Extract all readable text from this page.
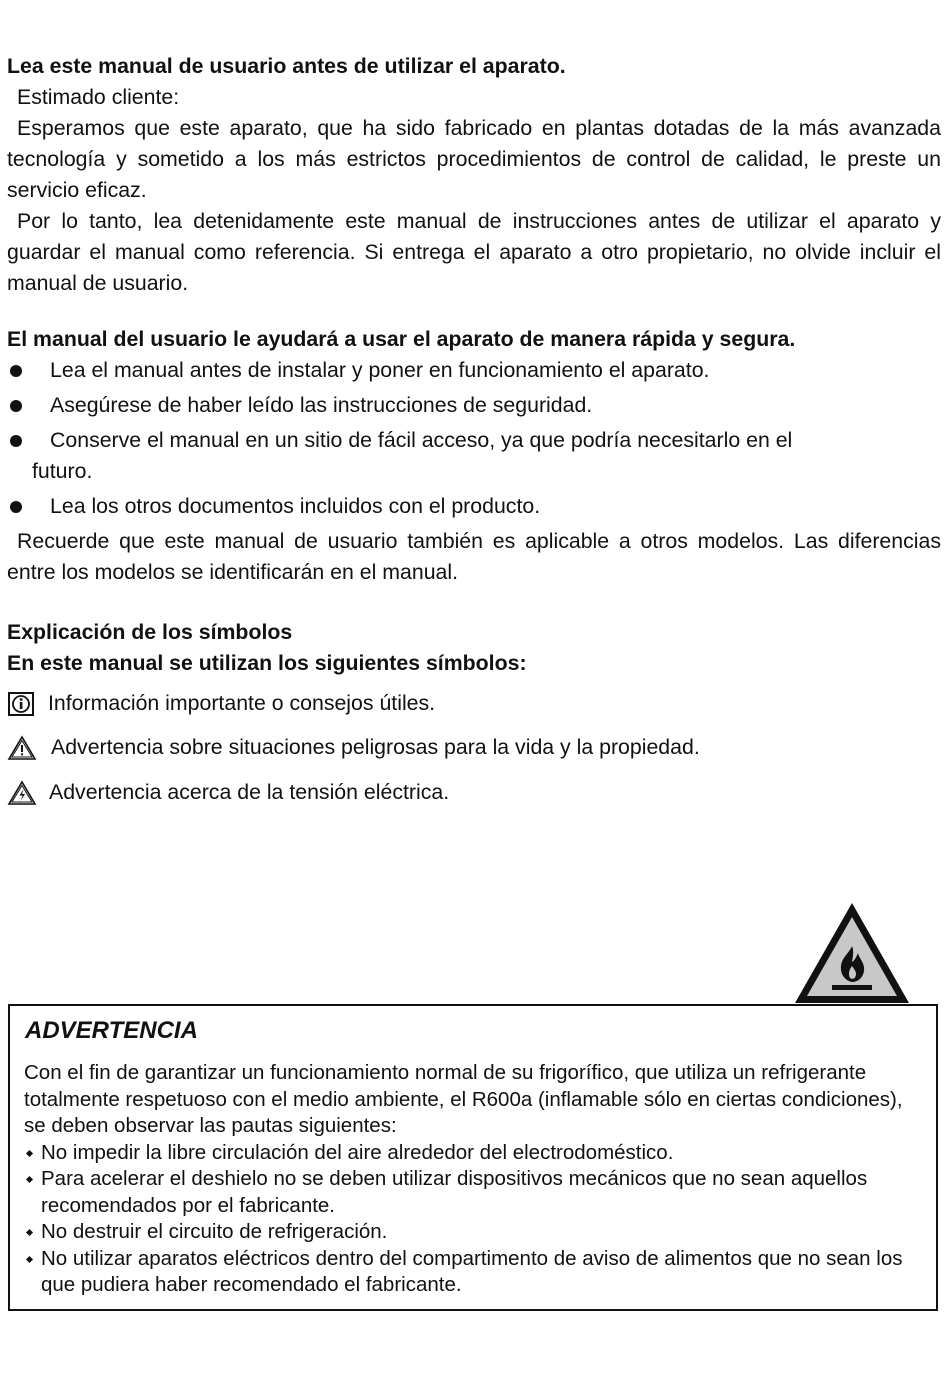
Lea este manual de usuario antes de utilizar el aparato.

Estimado cliente:

Esperamos que este aparato, que ha sido fabricado en plantas dotadas de la más avanzada tecnología y sometido a los más estrictos procedimientos de control de calidad, le preste un servicio eficaz.

Por lo tanto, lea detenidamente este manual de instrucciones antes de utilizar el aparato y guardar el manual como referencia. Si entrega el aparato a otro propietario, no olvide incluir el manual de usuario.

El manual del usuario le ayudará a usar el aparato de manera rápida y segura.

Lea el manual antes de instalar y poner en funcionamiento el aparato.
Asegúrese de haber leído las instrucciones de seguridad.
Conserve el manual en un sitio de fácil acceso, ya que podría necesitarlo en el
futuro.
Lea los otros documentos incluidos con el producto.

Recuerde que este manual de usuario también es aplicable a otros modelos. Las diferencias entre los modelos se identificarán en el manual.

Explicación de los símbolos

En este manual se utilizan los siguientes símbolos:

Información importante o consejos útiles.
Advertencia sobre situaciones peligrosas para la vida y la propiedad.
Advertencia acerca de la tensión eléctrica.
ADVERTENCIA
Con el fin de garantizar un funcionamiento normal de su frigorífico, que utiliza un refrigerante totalmente respetuoso con el medio ambiente, el R600a (inflamable sólo en ciertas condiciones), se deben observar las pautas siguientes:
No impedir la libre circulación del aire alrededor del electrodoméstico.
Para acelerar el deshielo no se deben utilizar dispositivos mecánicos que no sean aquellos recomendados por el fabricante.
No destruir el circuito de refrigeración.
No utilizar aparatos eléctricos dentro del compartimento de aviso de alimentos que no sean los que pudiera haber recomendado el fabricante.
